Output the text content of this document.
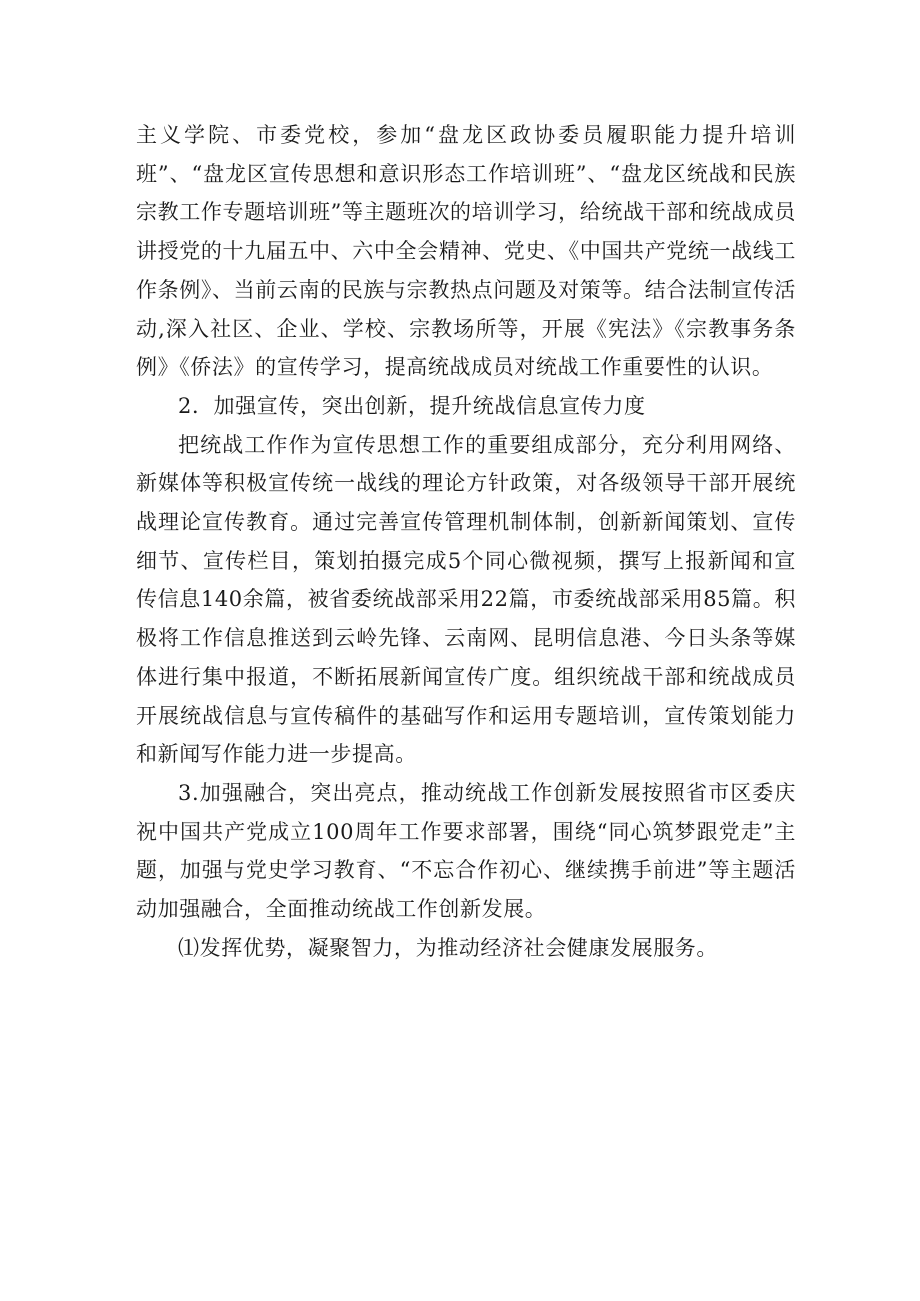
主义学院、市委党校，参加“盘龙区政协委员履职能力提升培训班”、“盘龙区宣传思想和意识形态工作培训班”、“盘龙区统战和民族宗教工作专题培训班”等主题班次的培训学习，给统战干部和统战成员讲授党的十九届五中、六中全会精神、党史、《中国共产党统一战线工作条例》、当前云南的民族与宗教热点问题及对策等。结合法制宣传活动,深入社区、企业、学校、宗教场所等，开展《宪法》《宗教事务条例》《侨法》的宣传学习，提高统战成员对统战工作重要性的认识。

2．加强宣传，突出创新，提升统战信息宣传力度

把统战工作作为宣传思想工作的重要组成部分，充分利用网络、新媒体等积极宣传统一战线的理论方针政策，对各级领导干部开展统战理论宣传教育。通过完善宣传管理机制体制，创新新闻策划、宣传细节、宣传栏目，策划拍摄完成5个同心微视频，撰写上报新闻和宣传信息140余篇，被省委统战部采用22篇，市委统战部采用85篇。积极将工作信息推送到云岭先锋、云南网、昆明信息港、今日头条等媒体进行集中报道，不断拓展新闻宣传广度。组织统战干部和统战成员开展统战信息与宣传稿件的基础写作和运用专题培训，宣传策划能力和新闻写作能力进一步提高。

3.加强融合，突出亮点，推动统战工作创新发展按照省市区委庆祝中国共产党成立100周年工作要求部署，围绕“同心筑梦跟党走”主题，加强与党史学习教育、“不忘合作初心、继续携手前进”等主题活动加强融合，全面推动统战工作创新发展。

⑴发挥优势，凝聚智力，为推动经济社会健康发展服务。
